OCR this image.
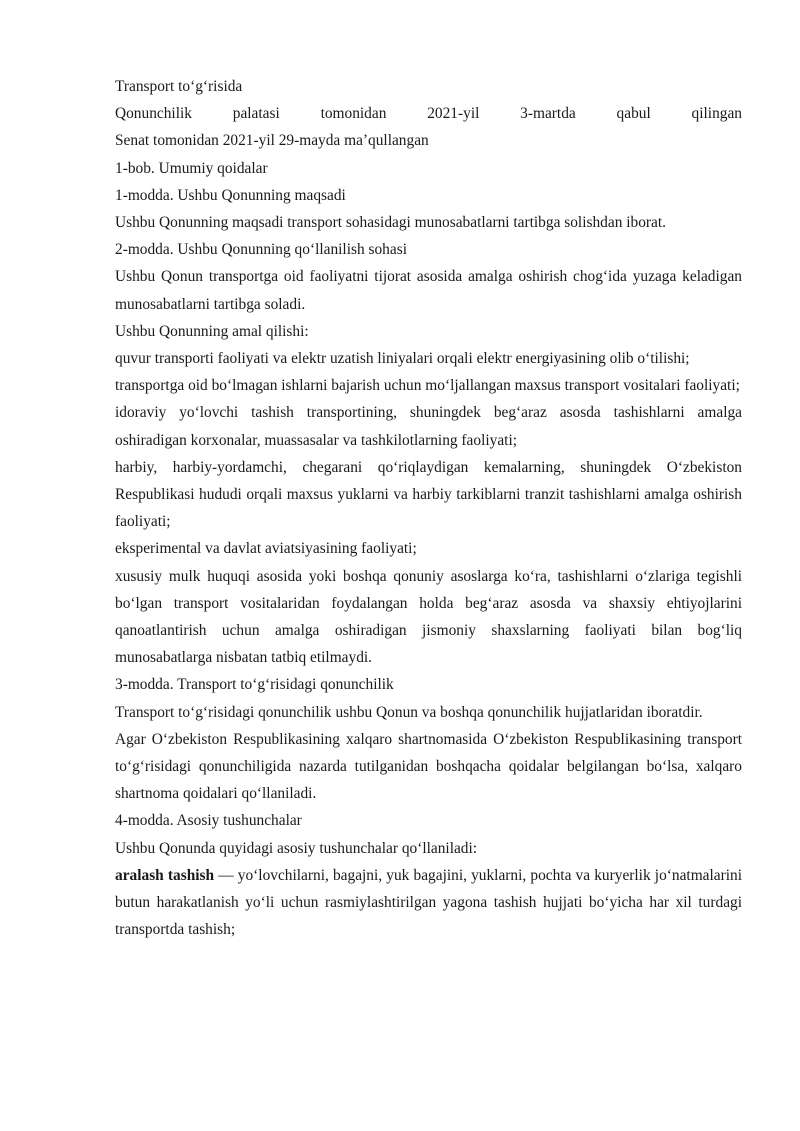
Transport to‘g‘risida

Qonunchilik palatasi tomonidan 2021-yil 3-martda qabul qilingan

Senat tomonidan 2021-yil 29-mayda ma’qullangan

1-bob. Umumiy qoidalar

1-modda. Ushbu Qonunning maqsadi

Ushbu Qonunning maqsadi transport sohasidagi munosabatlarni tartibga solishdan iborat.

2-modda. Ushbu Qonunning qo‘llanilish sohasi

Ushbu Qonun transportga oid faoliyatni tijorat asosida amalga oshirish chog‘ida yuzaga keladigan munosabatlarni tartibga soladi.

Ushbu Qonunning amal qilishi:

quvur transporti faoliyati va elektr uzatish liniyalari orqali elektr energiyasining olib o‘tilishi;

transportga oid bo‘lmagan ishlarni bajarish uchun mo‘ljallangan maxsus transport vositalari faoliyati;

idoraviy yo‘lovchi tashish transportining, shuningdek beg‘araz asosda tashishlarni amalga oshiradigan korxonalar, muassasalar va tashkilotlarning faoliyati;

harbiy, harbiy-yordamchi, chegarani qo‘riqlaydigan kemalarning, shuningdek O‘zbekiston Respublikasi hududi orqali maxsus yuklarni va harbiy tarkiblarni tranzit tashishlarni amalga oshirish faoliyati;

eksperimental va davlat aviatsiyasining faoliyati;

xususiy mulk huquqi asosida yoki boshqa qonuniy asoslarga ko‘ra, tashishlarni o‘zlariga tegishli bo‘lgan transport vositalaridan foydalangan holda beg‘araz asosda va shaxsiy ehtiyojlarini qanoatlantirish uchun amalga oshiradigan jismoniy shaxslarning faoliyati bilan bog‘liq munosabatlarga nisbatan tatbiq etilmaydi.

3-modda. Transport to‘g‘risidagi qonunchilik

Transport to‘g‘risidagi qonunchilik ushbu Qonun va boshqa qonunchilik hujjatlaridan iboratdir.

Agar O‘zbekiston Respublikasining xalqaro shartnomasida O‘zbekiston Respublikasining transport to‘g‘risidagi qonunchiligida nazarda tutilganidan boshqacha qoidalar belgilangan bo‘lsa, xalqaro shartnoma qoidalari qo‘llaniladi.

4-modda. Asosiy tushunchalar

Ushbu Qonunda quyidagi asosiy tushunchalar qo‘llaniladi:

aralash tashish — yo‘lovchilarni, bagajni, yuk bagajini, yuklarni, pochta va kuryerlik jo‘natmalarini butun harakatlanish yo‘li uchun rasmiylashtirilgan yagona tashish hujjati bo‘yicha har xil turdagi transportda tashish;
